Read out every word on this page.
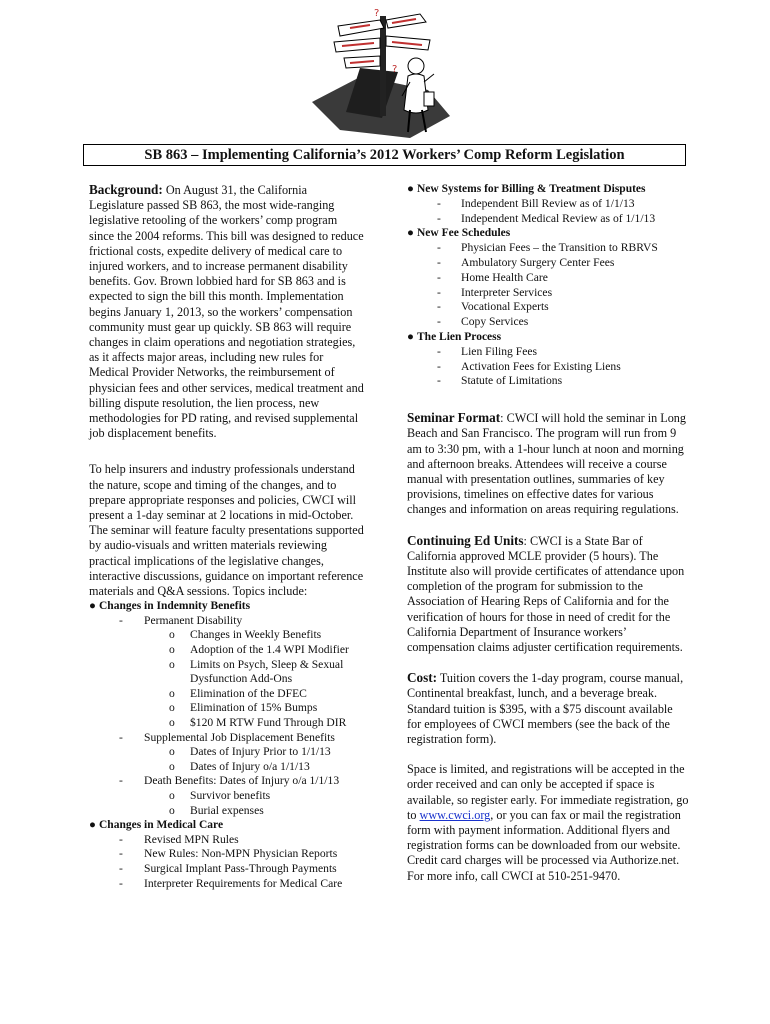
?
?
SB 863 – Implementing California’s 2012 Workers’ Comp Reform Legislation

Background: On August 31, the California Legislature passed SB 863, the most wide-ranging legislative retooling of the workers’ comp program since the 2004 reforms. This bill was designed to reduce frictional costs, expedite delivery of medical care to injured workers, and to increase permanent disability benefits. Gov. Brown lobbied hard for SB 863 and is expected to sign the bill this month. Implementation begins January 1, 2013, so the workers’ compensation community must gear up quickly. SB 863 will require changes in claim operations and negotiation strategies, as it affects major areas, including new rules for Medical Provider Networks, the reimbursement of physician fees and other services, medical treatment and billing dispute resolution, the lien process, new methodologies for PD rating, and revised supplemental job displacement benefits.

To help insurers and industry professionals understand the nature, scope and timing of the changes, and to prepare appropriate responses and policies, CWCI will present a 1-day seminar at 2 locations in mid-October. The seminar will feature faculty presentations supported by audio-visuals and written materials reviewing practical implications of the legislative changes, interactive discussions, guidance on important reference materials and Q&A sessions. Topics include:

● Changes in Indemnity Benefits
- Permanent Disability
o Changes in Weekly Benefits
o Adoption of the 1.4 WPI Modifier
o Limits on Psych, Sleep & Sexual Dysfunction Add-Ons
o Elimination of the DFEC
o Elimination of 15% Bumps
o $120 M RTW Fund Through DIR
- Supplemental Job Displacement Benefits
o Dates of Injury Prior to 1/1/13
o Dates of Injury o/a 1/1/13
- Death Benefits: Dates of Injury o/a 1/1/13
o Survivor benefits
o Burial expenses
● Changes in Medical Care
- Revised MPN Rules
- New Rules: Non-MPN Physician Reports
- Surgical Implant Pass-Through Payments
- Interpreter Requirements for Medical Care
● New Systems for Billing & Treatment Disputes
- Independent Bill Review as of 1/1/13
- Independent Medical Review as of 1/1/13
● New Fee Schedules
- Physician Fees – the Transition to RBRVS
- Ambulatory Surgery Center Fees
- Home Health Care
- Interpreter Services
- Vocational Experts
- Copy Services
● The Lien Process
- Lien Filing Fees
- Activation Fees for Existing Liens
- Statute of Limitations

Seminar Format: CWCI will hold the seminar in Long Beach and San Francisco. The program will run from 9 am to 3:30 pm, with a 1-hour lunch at noon and morning and afternoon breaks. Attendees will receive a course manual with presentation outlines, summaries of key provisions, timelines on effective dates for various changes and information on areas requiring regulations.

Continuing Ed Units: CWCI is a State Bar of California approved MCLE provider (5 hours). The Institute also will provide certificates of attendance upon completion of the program for submission to the Association of Hearing Reps of California and for the verification of hours for those in need of credit for the California Department of Insurance workers’ compensation claims adjuster certification requirements.

Cost: Tuition covers the 1-day program, course manual, Continental breakfast, lunch, and a beverage break. Standard tuition is $395, with a $75 discount available for employees of CWCI members (see the back of the registration form).

Space is limited, and registrations will be accepted in the order received and can only be accepted if space is available, so register early. For immediate registration, go to www.cwci.org, or you can fax or mail the registration form with payment information. Additional flyers and registration forms can be downloaded from our website. Credit card charges will be processed via Authorize.net. For more info, call CWCI at 510-251-9470.
